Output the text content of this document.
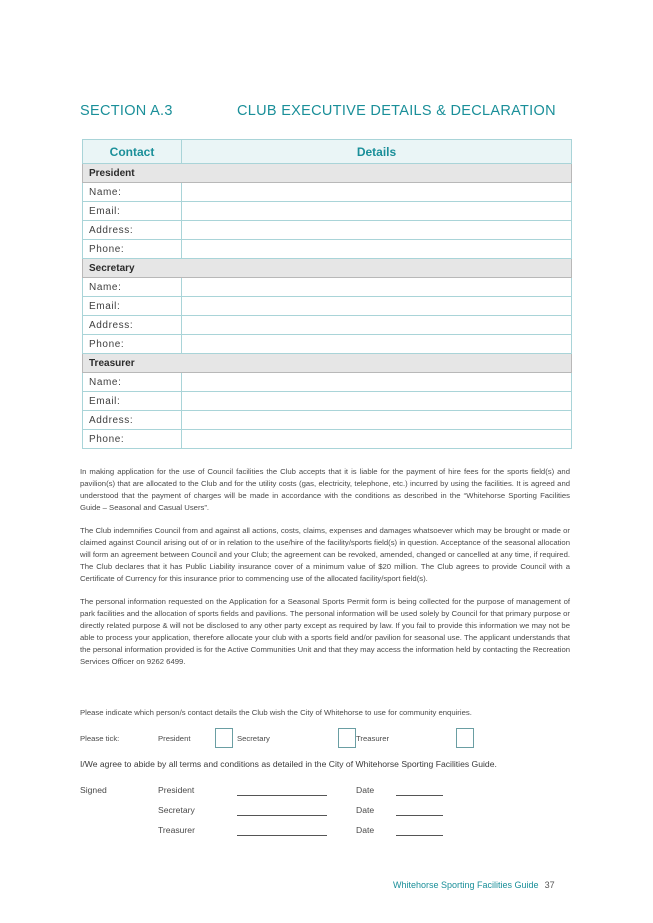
SECTION A.3	CLUB EXECUTIVE DETAILS & DECLARATION
Contact	Details
President	
Name:	
Email:	
Address:	
Phone:	
Secretary	
Name:	
Email:	
Address:	
Phone:	
Treasurer	
Name:	
Email:	
Address:	
Phone:	

In making application for the use of Council facilities the Club accepts that it is liable for the payment of hire fees for the sports field(s) and pavilion(s) that are allocated to the Club and for the utility costs (gas, electricity, telephone, etc.) incurred by using the facilities. It is agreed and understood that the payment of charges will be made in accordance with the conditions as described in the “Whitehorse Sporting Facilities Guide – Seasonal and Casual Users”.

The Club indemnifies Council from and against all actions, costs, claims, expenses and damages whatsoever which may be brought or made or claimed against Council arising out of or in relation to the use/hire of the facility/sports field(s) in question. Acceptance of the seasonal allocation will form an agreement between Council and your Club; the agreement can be revoked, amended, changed or cancelled at any time, if required. The Club declares that it has Public Liability insurance cover of a minimum value of $20 million. The Club agrees to provide Council with a Certificate of Currency for this insurance prior to commencing use of the allocated facility/sport field(s).

The personal information requested on the Application for a Seasonal Sports Permit form is being collected for the purpose of management of park facilities and the allocation of sports fields and pavilions. The personal information will be used solely by Council for that primary purpose or directly related purpose & will not be disclosed to any other party except as required by law. If you fail to provide this information we may not be able to process your application, therefore allocate your club with a sports field and/or pavilion for seasonal use. The applicant understands that the personal information provided is for the Active Communities Unit and that they may access the information held by contacting the Recreation Services Officer on 9262 6499.

Please indicate which person/s contact details the Club wish the City of Whitehorse to use for community enquiries.
Please tick:	President	Secretary	Treasurer
I/We agree to abide by all terms and conditions as detailed in the City of Whitehorse Sporting Facilities Guide.
Signed	President	Date
Secretary	Date
Treasurer	Date
Whitehorse Sporting Facilities Guide 37
